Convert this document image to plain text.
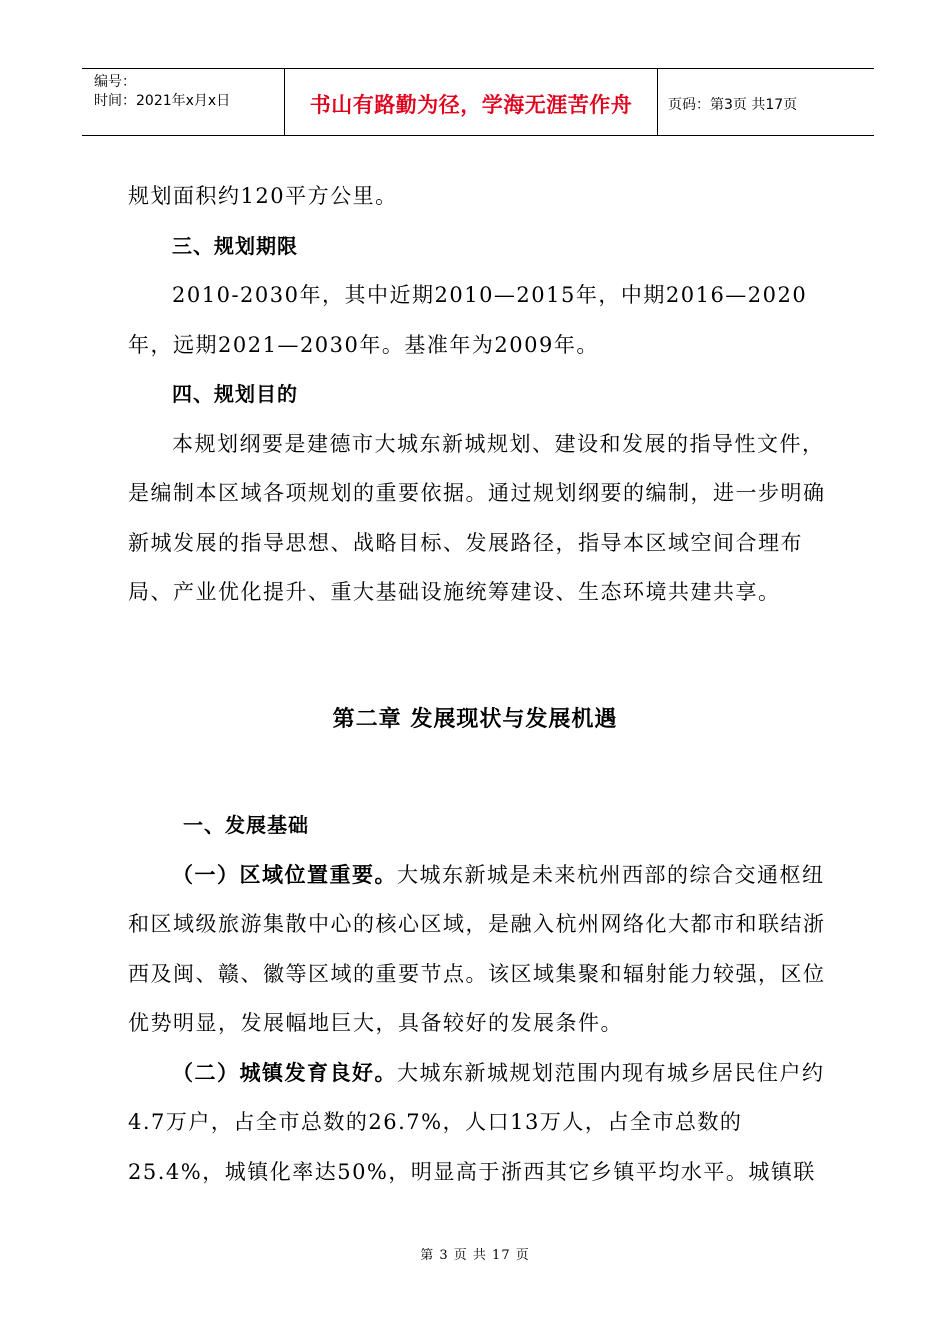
编号：
时间：2021年x月x日	书山有路勤为径，学海无涯苦作舟	页码：第3页 共17页

规划面积约120平方公里。

三、规划期限

2010-2030年，其中近期2010—2015年，中期2016—2020年，远期2021—2030年。基准年为2009年。

四、规划目的

本规划纲要是建德市大城东新城规划、建设和发展的指导性文件，是编制本区域各项规划的重要依据。通过规划纲要的编制，进一步明确新城发展的指导思想、战略目标、发展路径，指导本区域空间合理布局、产业优化提升、重大基础设施统筹建设、生态环境共建共享。

第二章 发展现状与发展机遇

一、发展基础

（一）区域位置重要。大城东新城是未来杭州西部的综合交通枢纽和区域级旅游集散中心的核心区域，是融入杭州网络化大都市和联结浙西及闽、赣、徽等区域的重要节点。该区域集聚和辐射能力较强，区位优势明显，发展幅地巨大，具备较好的发展条件。

（二）城镇发育良好。大城东新城规划范围内现有城乡居民住户约4.7万户，占全市总数的26.7%，人口13万人，占全市总数的25.4%，城镇化率达50%，明显高于浙西其它乡镇平均水平。城镇联

第 3 页 共 17 页
